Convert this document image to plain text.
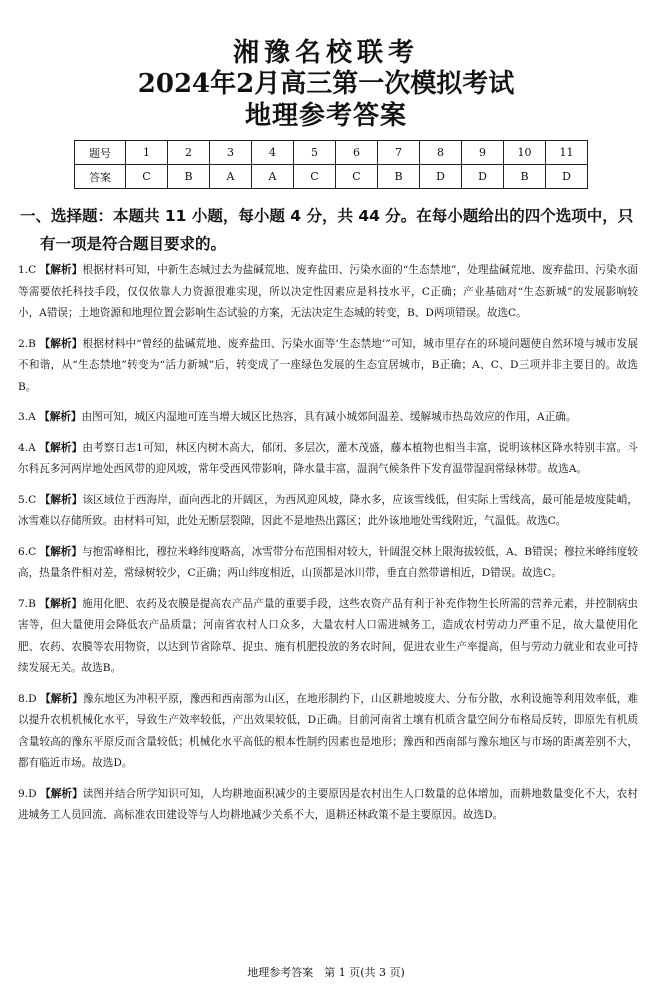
湘豫名校联考
2024年2月高三第一次模拟考试
地理参考答案
题号	1	2	3	4	5	6	7	8	9	10	11
答案	C	B	A	A	C	C	B	D	D	B	D
一、选择题：本题共 11 小题，每小题 4 分，共 44 分。在每小题给出的四个选项中，只
有一项是符合题目要求的。
1.C 【解析】根据材料可知，中新生态城过去为盐碱荒地、废弃盐田、污染水面的“生态禁地”，处理盐碱荒地、废弃盐田、污染水面等需要依托科技手段，仅仅依靠人力资源很难实现，所以决定性因素应是科技水平，C正确；产业基础对“生态新城”的发展影响较小，A错误；土地资源和地理位置会影响生态试验的方案，无法决定生态城的转变，B、D两项错误。故选C。
2.B 【解析】根据材料中“曾经的盐碱荒地、废弃盐田、污染水面等‘生态禁地’”可知，城市里存在的环境问题使自然环境与城市发展不和谐，从“生态禁地”转变为“活力新城”后，转变成了一座绿色发展的生态宜居城市，B正确；A、C、D三项并非主要目的。故选B。
3.A 【解析】由图可知，城区内湿地可连当增大城区比热容，具有减小城郊间温差、缓解城市热岛效应的作用，A正确。
4.A 【解析】由考察日志1可知，林区内树木高大，郁闭、多层次，灌木茂盛，藤本植物也相当丰富，说明该林区降水特别丰富。斗尔科瓦多河两岸地处西风带的迎风坡，常年受西风带影响，降水量丰富，温润气候条件下发育温带湿润常绿林带。故选A。
5.C 【解析】该区域位于西海岸，面向西北的开阔区，为西风迎风坡，降水多，应该雪线低，但实际上雪线高，最可能是坡度陡峭，冰雪难以存储所致。由材料可知，此处无断层裂隙，因此不是地热出露区；此外该地地处雪线附近，气温低。故选C。
6.C 【解析】与抱雷峰相比，穆拉米峰纬度略高，冰雪带分布范围相对较大，针阔混交林上限海拔较低，A、B错误；穆拉米峰纬度较高，热量条件相对差，常绿树较少，C正确；两山纬度相近，山顶都是冰川带，垂直自然带谱相近，D错误。故选C。
7.B 【解析】施用化肥、农药及农膜是提高农产品产量的重要手段，这些农资产品有利于补充作物生长所需的营养元素，并控制病虫害等，但大量使用会降低农产品质量；河南省农村人口众多，大量农村人口需进城务工，造成农村劳动力严重不足，故大量使用化肥、农药、农膜等农用物资，以达到节省除草、捉虫、施有机肥投放的务农时间，促进农业生产率提高，但与劳动力就业和农业可持续发展无关。故选B。
8.D 【解析】豫东地区为冲积平原，豫西和西南部为山区，在地形制约下，山区耕地坡度大、分布分散，水利设施等利用效率低，难以提升农机机械化水平，导致生产效率较低，产出效果较低，D正确。目前河南省土壤有机质含量空间分布格局反转，即原先有机质含量较高的豫东平原反而含量较低；机械化水平高低的根本性制约因素也是地形；豫西和西南部与豫东地区与市场的距离差别不大，都有临近市场。故选D。
9.D 【解析】读图并结合所学知识可知，人均耕地面积减少的主要原因是农村出生人口数量的总体增加，而耕地数量变化不大，农村进城务工人员回流、高标准农田建设等与人均耕地减少关系不大，退耕还林政策不是主要原因。故选D。
地理参考答案　第 1 页(共 3 页)
